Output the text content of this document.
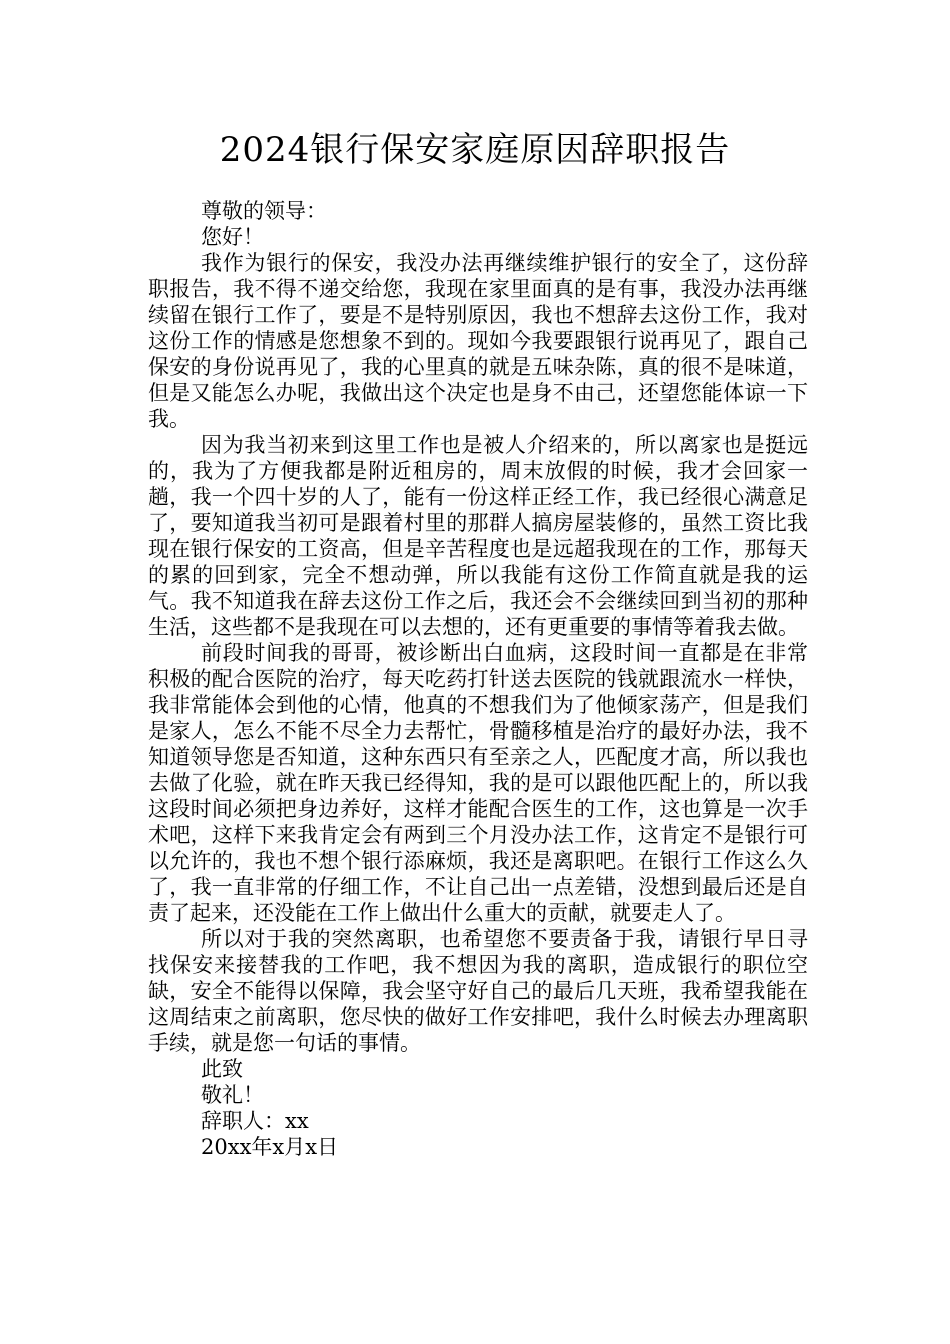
2024银行保安家庭原因辞职报告

尊敬的领导：

您好！

我作为银行的保安，我没办法再继续维护银行的安全了，这份辞职报告，我不得不递交给您，我现在家里面真的是有事，我没办法再继续留在银行工作了，要是不是特别原因，我也不想辞去这份工作，我对这份工作的情感是您想象不到的。现如今我要跟银行说再见了，跟自己保安的身份说再见了，我的心里真的就是五味杂陈，真的很不是味道，但是又能怎么办呢，我做出这个决定也是身不由己，还望您能体谅一下我。

因为我当初来到这里工作也是被人介绍来的，所以离家也是挺远的，我为了方便我都是附近租房的，周末放假的时候，我才会回家一趟，我一个四十岁的人了，能有一份这样正经工作，我已经很心满意足了，要知道我当初可是跟着村里的那群人搞房屋装修的，虽然工资比我现在银行保安的工资高，但是辛苦程度也是远超我现在的工作，那每天的累的回到家，完全不想动弹，所以我能有这份工作简直就是我的运气。我不知道我在辞去这份工作之后，我还会不会继续回到当初的那种生活，这些都不是我现在可以去想的，还有更重要的事情等着我去做。

前段时间我的哥哥，被诊断出白血病，这段时间一直都是在非常积极的配合医院的治疗，每天吃药打针送去医院的钱就跟流水一样快，我非常能体会到他的心情，他真的不想我们为了他倾家荡产，但是我们是家人，怎么不能不尽全力去帮忙，骨髓移植是治疗的最好办法，我不知道领导您是否知道，这种东西只有至亲之人，匹配度才高，所以我也去做了化验，就在昨天我已经得知，我的是可以跟他匹配上的，所以我这段时间必须把身边养好，这样才能配合医生的工作，这也算是一次手术吧，这样下来我肯定会有两到三个月没办法工作，这肯定不是银行可以允许的，我也不想个银行添麻烦，我还是离职吧。在银行工作这么久了，我一直非常的仔细工作，不让自己出一点差错，没想到最后还是自责了起来，还没能在工作上做出什么重大的贡献，就要走人了。

所以对于我的突然离职，也希望您不要责备于我，请银行早日寻找保安来接替我的工作吧，我不想因为我的离职，造成银行的职位空缺，安全不能得以保障，我会坚守好自己的最后几天班，我希望我能在这周结束之前离职，您尽快的做好工作安排吧，我什么时候去办理离职手续，就是您一句话的事情。

此致

敬礼！

辞职人：xx

20xx年x月x日
